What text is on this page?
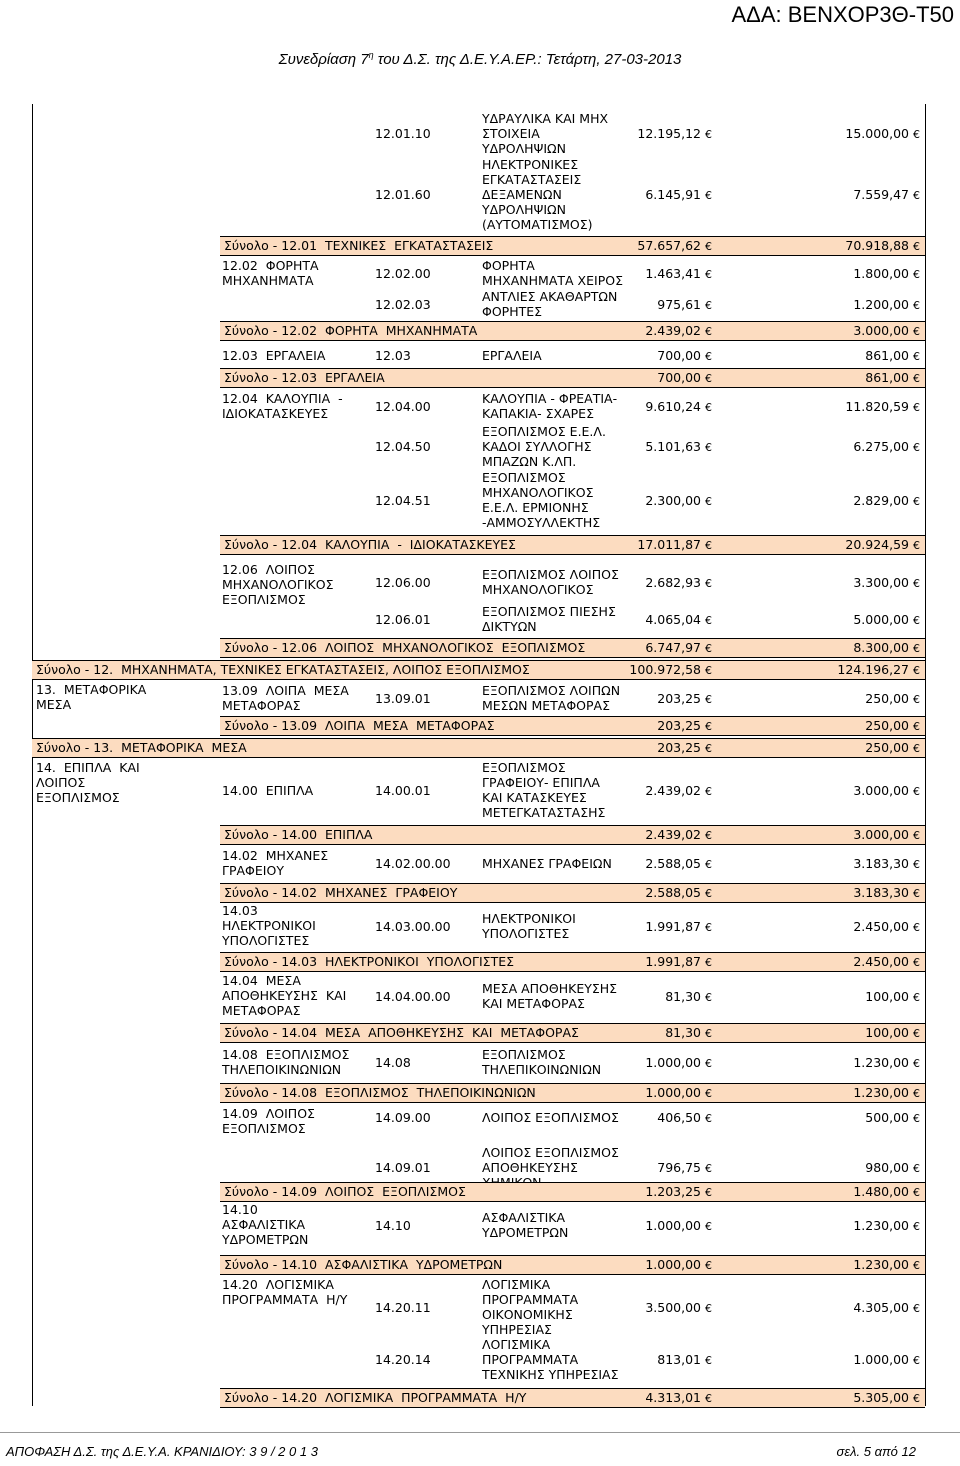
ΑΔΑ: ΒΕΝΧΟΡ3Θ-Τ50
Συνεδρίαση $7^\eta$ του Δ.Σ. της Δ.Ε.Υ.Α.ΕΡ.: Τετάρτη, 27-03-2013
12.01.10
ΥΔΡΑΥΛΙΚΑ ΚΑΙ ΜΗΧ
ΣΤΟΙΧΕΙΑ
ΥΔΡΟΛΗΨΙΩΝ
12.195,12 €	15.000,00 €
12.01.60
ΗΛΕΚΤΡΟΝΙΚΕΣ
ΕΓΚΑΤΑΣΤΑΣΕΙΣ
ΔΕΞΑΜΕΝΩΝ
ΥΔΡΟΛΗΨΙΩΝ
(ΑΥΤΟΜΑΤΙΣΜΟΣ)
6.145,91 €	7.559,47 €
Σύνολο - 12.01  ΤΕΧΝΙΚΕΣ  ΕΓΚΑΤΑΣΤΑΣΕΙΣ	57.657,62 €	70.918,88 €
12.02  ΦΟΡΗΤΑ
ΜΗΧΑΝΗΜΑΤΑ	12.02.00	ΦΟΡΗΤΑ
ΜΗΧΑΝΗΜΑΤΑ ΧΕΙΡΟΣ	1.463,41 €	1.800,00 €
12.02.03	ΑΝΤΛΙΕΣ ΑΚΑΘΑΡΤΩΝ
ΦΟΡΗΤΕΣ	975,61 €	1.200,00 €
Σύνολο - 12.02  ΦΟΡΗΤΑ  ΜΗΧΑΝΗΜΑΤΑ	2.439,02 €	3.000,00 €
12.03  ΕΡΓΑΛΕΙΑ	12.03	ΕΡΓΑΛΕΙΑ	700,00 €	861,00 €
Σύνολο - 12.03  ΕΡΓΑΛΕΙΑ	700,00 €	861,00 €
12.04  ΚΑΛΟΥΠΙΑ  -
ΙΔΙΟΚΑΤΑΣΚΕΥΕΣ	12.04.00	ΚΑΛΟΥΠΙΑ - ΦΡΕΑΤΙΑ-
ΚΑΠΑΚΙΑ- ΣΧΑΡΕΣ	9.610,24 €	11.820,59 €
12.04.50
ΕΞΟΠΛΙΣΜΟΣ Ε.Ε.Λ.
ΚΑΔΟΙ ΣΥΛΛΟΓΗΣ
ΜΠΑΖΩΝ Κ.ΛΠ.
5.101,63 €	6.275,00 €
12.04.51
ΕΞΟΠΛΙΣΜΟΣ
ΜΗΧΑΝΟΛΟΓΙΚΟΣ
Ε.Ε.Λ. ΕΡΜΙΟΝΗΣ
-ΑΜΜΟΣΥΛΛΕΚΤΗΣ
2.300,00 €	2.829,00 €
Σύνολο - 12.04  ΚΑΛΟΥΠΙΑ  -  ΙΔΙΟΚΑΤΑΣΚΕΥΕΣ	17.011,87 €	20.924,59 €
12.06  ΛΟΙΠΟΣ
ΜΗΧΑΝΟΛΟΓΙΚΟΣ
ΕΞΟΠΛΙΣΜΟΣ
12.06.00	ΕΞΟΠΛΙΣΜΟΣ ΛΟΙΠΟΣ
ΜΗΧΑΝΟΛΟΓΙΚΟΣ	2.682,93 €	3.300,00 €
12.06.01	ΕΞΟΠΛΙΣΜΟΣ ΠΙΕΣΗΣ
ΔΙΚΤΥΩΝ	4.065,04 €	5.000,00 €
Σύνολο - 12.06  ΛΟΙΠΟΣ  ΜΗΧΑΝΟΛΟΓΙΚΟΣ  ΕΞΟΠΛΙΣΜΟΣ	6.747,97 €	8.300,00 €
Σύνολο - 12.  ΜΗΧΑΝΗΜΑΤΑ, ΤΕΧΝΙΚΕΣ ΕΓΚΑΤΑΣΤΑΣΕΙΣ, ΛΟΙΠΟΣ ΕΞΟΠΛΙΣΜΟΣ	100.972,58 €	124.196,27 €
13.  ΜΕΤΑΦΟΡΙΚΑ
ΜΕΣΑ
13.09  ΛΟΙΠΑ  ΜΕΣΑ
ΜΕΤΑΦΟΡΑΣ	13.09.01	ΕΞΟΠΛΙΣΜΟΣ ΛΟΙΠΩΝ
ΜΕΣΩΝ ΜΕΤΑΦΟΡΑΣ	203,25 €	250,00 €
Σύνολο - 13.09  ΛΟΙΠΑ  ΜΕΣΑ  ΜΕΤΑΦΟΡΑΣ	203,25 €	250,00 €
Σύνολο - 13.  ΜΕΤΑΦΟΡΙΚΑ  ΜΕΣΑ	203,25 €	250,00 €
14.  ΕΠΙΠΛΑ  ΚΑΙ
ΛΟΙΠΟΣ
ΕΞΟΠΛΙΣΜΟΣ	14.00  ΕΠΙΠΛΑ	14.00.01
ΕΞΟΠΛΙΣΜΟΣ
ΓΡΑΦΕΙΟΥ- ΕΠΙΠΛΑ
ΚΑΙ ΚΑΤΑΣΚΕΥΕΣ
ΜΕΤΕΓΚΑΤΑΣΤΑΣΗΣ
2.439,02 €	3.000,00 €
Σύνολο - 14.00  ΕΠΙΠΛΑ	2.439,02 €	3.000,00 €
14.02  ΜΗΧΑΝΕΣ
ΓΡΑΦΕΙΟΥ	14.02.00.00	ΜΗΧΑΝΕΣ ΓΡΑΦΕΙΩΝ	2.588,05 €	3.183,30 €
Σύνολο - 14.02  ΜΗΧΑΝΕΣ  ΓΡΑΦΕΙΟΥ	2.588,05 €	3.183,30 €
14.03
ΗΛΕΚΤΡΟΝΙΚΟΙ
ΥΠΟΛΟΓΙΣΤΕΣ
14.03.00.00	ΗΛΕΚΤΡΟΝΙΚΟΙ
ΥΠΟΛΟΓΙΣΤΕΣ	1.991,87 €	2.450,00 €
Σύνολο - 14.03  ΗΛΕΚΤΡΟΝΙΚΟΙ  ΥΠΟΛΟΓΙΣΤΕΣ	1.991,87 €	2.450,00 €
14.04  ΜΕΣΑ
ΑΠΟΘΗΚΕΥΣΗΣ  ΚΑΙ
ΜΕΤΑΦΟΡΑΣ
14.04.00.00	ΜΕΣΑ ΑΠΟΘΗΚΕΥΣΗΣ
ΚΑΙ ΜΕΤΑΦΟΡΑΣ	81,30 €	100,00 €
Σύνολο - 14.04  ΜΕΣΑ  ΑΠΟΘΗΚΕΥΣΗΣ  ΚΑΙ  ΜΕΤΑΦΟΡΑΣ	81,30 €	100,00 €
14.08  ΕΞΟΠΛΙΣΜΟΣ
ΤΗΛΕΠΟΙΚΙΝΩΝΙΩΝ	14.08	ΕΞΟΠΛΙΣΜΟΣ
ΤΗΛΕΠΙΚΟΙΝΩΝΙΩΝ	1.000,00 €	1.230,00 €
Σύνολο - 14.08  ΕΞΟΠΛΙΣΜΟΣ  ΤΗΛΕΠΟΙΚΙΝΩΝΙΩΝ	1.000,00 €	1.230,00 €
14.09  ΛΟΙΠΟΣ
ΕΞΟΠΛΙΣΜΟΣ
14.09.00	ΛΟΙΠΟΣ ΕΞΟΠΛΙΣΜΟΣ	406,50 €	500,00 €
14.09.01
ΛΟΙΠΟΣ ΕΞΟΠΛΙΣΜΟΣ
ΑΠΟΘΗΚΕΥΣΗΣ	796,75 €	980,00 €
Σύνολο - 14.09  ΛΟΙΠΟΣ  ΕΞΟΠΛΙΣΜΟΣ	1.203,25 €	1.480,00 €
14.10
ΑΣΦΑΛΙΣΤΙΚΑ
ΥΔΡΟΜΕΤΡΩΝ
14.10	ΑΣΦΑΛΙΣΤΙΚΑ
ΥΔΡΟΜΕΤΡΩΝ	1.000,00 €	1.230,00 €
Σύνολο - 14.10  ΑΣΦΑΛΙΣΤΙΚΑ  ΥΔΡΟΜΕΤΡΩΝ	1.000,00 €	1.230,00 €
14.20  ΛΟΓΙΣΜΙΚΑ
ΠΡΟΓΡΑΜΜΑΤΑ  Η/Υ	14.20.11
ΛΟΓΙΣΜΙΚΑ
ΠΡΟΓΡΑΜΜΑΤΑ
ΟΙΚΟΝΟΜΙΚΗΣ
ΥΠΗΡΕΣΙΑΣ
3.500,00 €	4.305,00 €
14.20.14
ΛΟΓΙΣΜΙΚΑ
ΠΡΟΓΡΑΜΜΑΤΑ
ΤΕΧΝΙΚΗΣ ΥΠΗΡΕΣΙΑΣ
813,01 €	1.000,00 €
Σύνολο - 14.20  ΛΟΓΙΣΜΙΚΑ  ΠΡΟΓΡΑΜΜΑΤΑ  Η/Υ	4.313,01 €	5.305,00 €
ΑΠΟΦΑΣΗ Δ.Σ. της Δ.Ε.Υ.Α. ΚΡΑΝΙΔΙΟΥ: 3 9 / 2 0 1 3	σελ. 5 από 12
